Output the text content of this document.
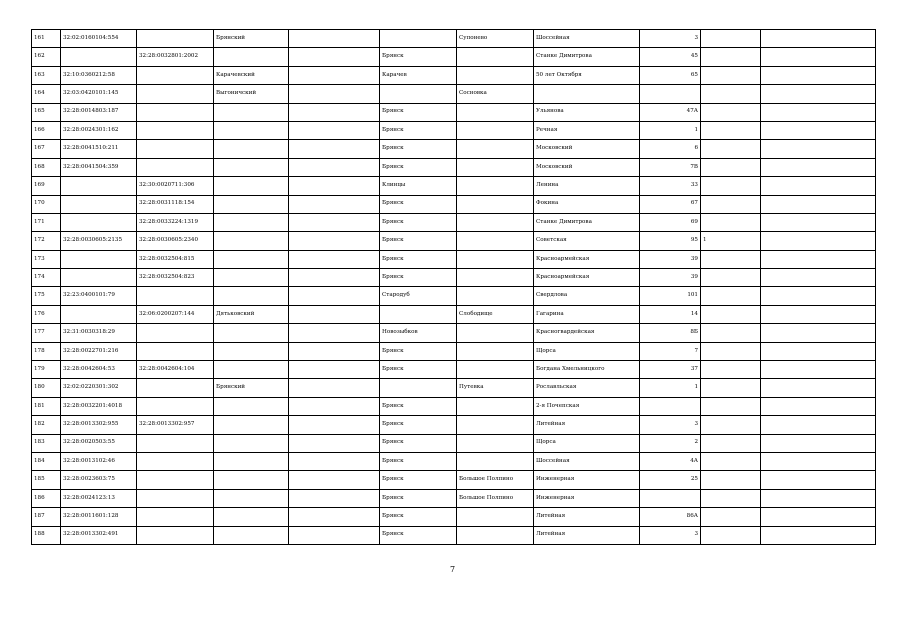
161	32:02:0160104:554		Брянский			Супонево	Шоссейная	3		
162		32:28:0032801:2002			Брянск		Станке Димитрова	45		
163	32:10:0360212:58		Карачевский		Карачев		50 лет Октября	65		
164	32:03:0420101:145		Выгоничский			Сосновка				
165	32:28:0014803:187				Брянск		Ульянова	47А		
166	32:28:0024301:162				Брянск		Речная	1		
167	32:28:0041510:211				Брянск		Московский	6		
168	32:28:0041504:359				Брянск		Московский	7В		
169		32:30:0020711:306			Клинцы		Ленина	33		
170		32:28:0031118:154			Брянск		Фокина	67		
171		32:28:0033224:1319			Брянск		Станке Димитрова	69		
172	32:28:0030605:2135	32:28:0030605:2340			Брянск		Советская	95	1	
173		32:28:0032504:815			Брянск		Красноармейская	39		
174		32:28:0032504:823			Брянск		Красноармейская	39		
175	32:23:0400101:79				Стародуб		Свердлова	101		
176		32:06:0200207:144	Дятьковский			Слободище	Гагарина	14		
177	32:31:0030318:29				Новозыбков		Красногвардейская	8Б		
178	32:28:0022701:216				Брянск		Щорса	7		
179	32:28:0042604:53	32:28:0042604:104			Брянск		Богдана Хмельницкого	37		
180	32:02:0220301:302		Брянский			Путевка	Рославльская	1		
181	32:28:0032201:4018				Брянск		2-я Почепская			
182	32:28:0013302:955	32:28:0013302:957			Брянск		Литейная	3		
183	32:28:0020503:55				Брянск		Щорса	2		
184	32:28:0013102:46				Брянск		Шоссейная	4А		
185	32:28:0023603:75				Брянск	Большое Полпино	Инженерная	25		
186	32:28:0024123:13				Брянск	Большое Полпино	Инженерная			
187	32:28:0011601:128				Брянск		Литейная	86А		
188	32:28:0013302:491				Брянск		Литейная	3		
7
